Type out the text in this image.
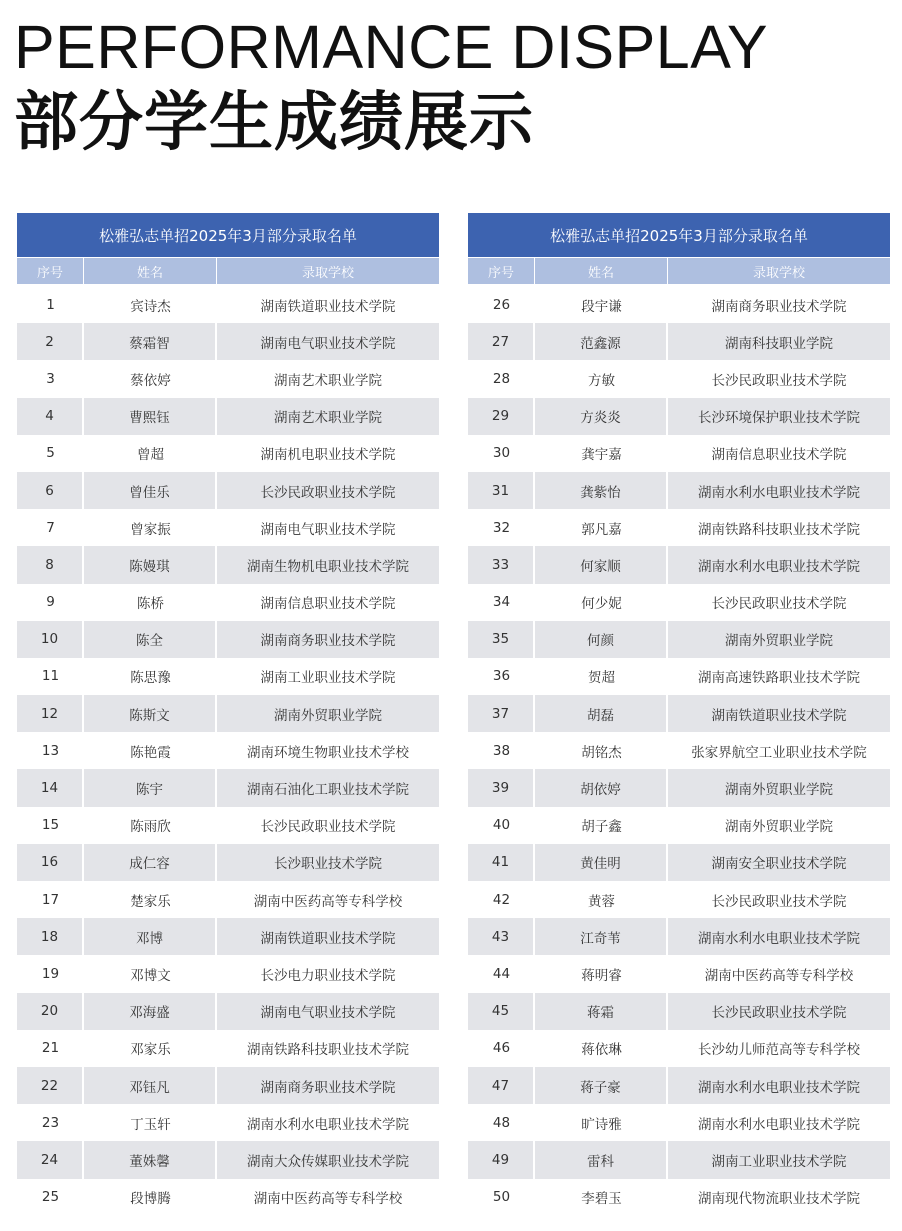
PERFORMANCE DISPLAY
部分学生成绩展示
松雅弘志单招2025年3月部分录取名单
序号	姓名	录取学校
1	宾诗杰	湖南铁道职业技术学院
2	蔡霜智	湖南电气职业技术学院
3	蔡依婷	湖南艺术职业学院
4	曹熙钰	湖南艺术职业学院
5	曾超	湖南机电职业技术学院
6	曾佳乐	长沙民政职业技术学院
7	曾家振	湖南电气职业技术学院
8	陈嫚琪	湖南生物机电职业技术学院
9	陈桥	湖南信息职业技术学院
10	陈全	湖南商务职业技术学院
11	陈思豫	湖南工业职业技术学院
12	陈斯文	湖南外贸职业学院
13	陈艳霞	湖南环境生物职业技术学校
14	陈宇	湖南石油化工职业技术学院
15	陈雨欣	长沙民政职业技术学院
16	成仁容	长沙职业技术学院
17	楚家乐	湖南中医药高等专科学校
18	邓博	湖南铁道职业技术学院
19	邓博文	长沙电力职业技术学院
20	邓海盛	湖南电气职业技术学院
21	邓家乐	湖南铁路科技职业技术学院
22	邓钰凡	湖南商务职业技术学院
23	丁玉轩	湖南水利水电职业技术学院
24	董姝馨	湖南大众传媒职业技术学院
25	段博腾	湖南中医药高等专科学校
松雅弘志单招2025年3月部分录取名单
序号	姓名	录取学校
26	段宇谦	湖南商务职业技术学院
27	范鑫源	湖南科技职业学院
28	方敏	长沙民政职业技术学院
29	方炎炎	长沙环境保护职业技术学院
30	龚宇嘉	湖南信息职业技术学院
31	龚紫怡	湖南水利水电职业技术学院
32	郭凡嘉	湖南铁路科技职业技术学院
33	何家顺	湖南水利水电职业技术学院
34	何少妮	长沙民政职业技术学院
35	何颜	湖南外贸职业学院
36	贺超	湖南高速铁路职业技术学院
37	胡磊	湖南铁道职业技术学院
38	胡铭杰	张家界航空工业职业技术学院
39	胡依婷	湖南外贸职业学院
40	胡子鑫	湖南外贸职业学院
41	黄佳明	湖南安全职业技术学院
42	黄蓉	长沙民政职业技术学院
43	江奇苇	湖南水利水电职业技术学院
44	蒋明睿	湖南中医药高等专科学校
45	蒋霜	长沙民政职业技术学院
46	蒋依琳	长沙幼儿师范高等专科学校
47	蒋子豪	湖南水利水电职业技术学院
48	旷诗雅	湖南水利水电职业技术学院
49	雷科	湖南工业职业技术学院
50	李碧玉	湖南现代物流职业技术学院
